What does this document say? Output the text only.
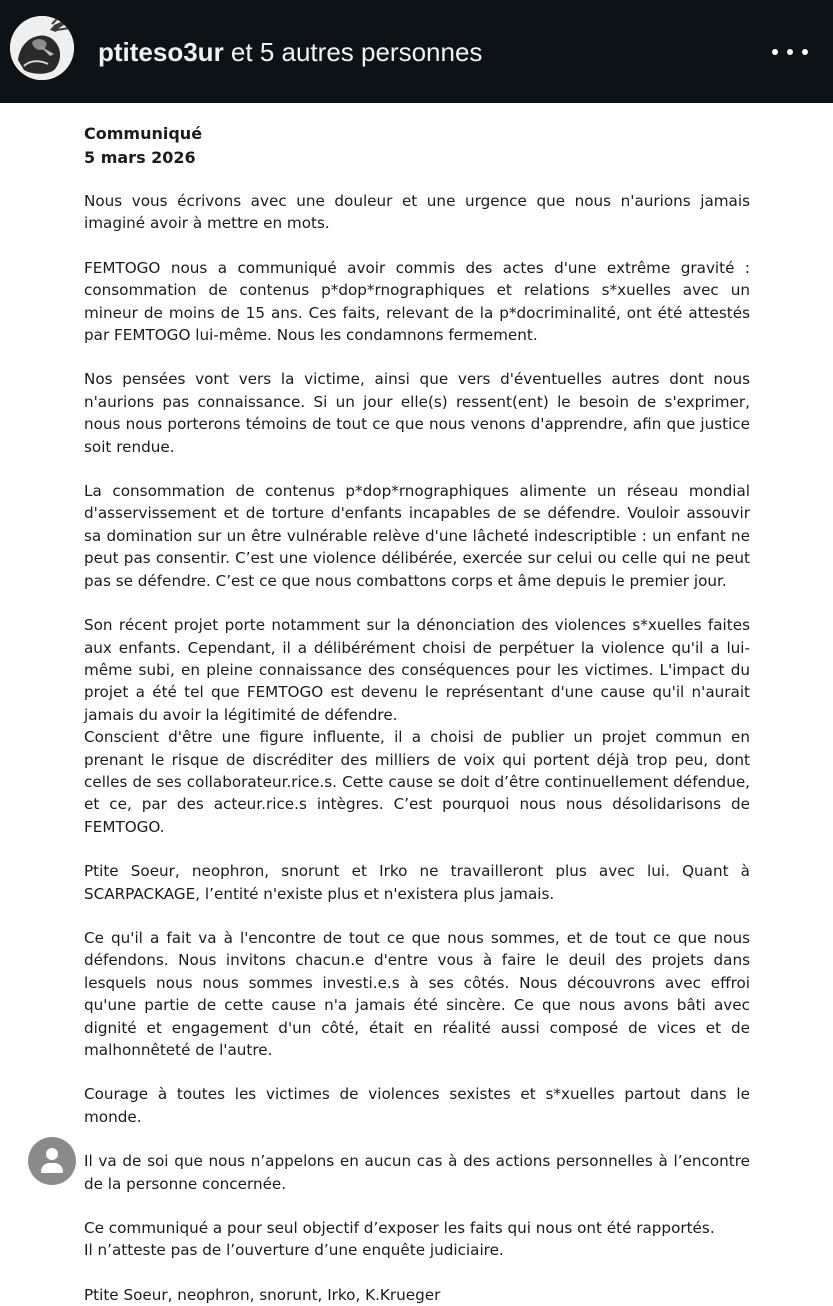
ptiteso3ur et 5 autres personnes
Communiqué
5 mars 2026

Nous vous écrivons avec une douleur et une urgence que nous n'aurions jamais imaginé avoir à mettre en mots.

FEMTOGO nous a communiqué avoir commis des actes d'une extrême gravité : consommation de contenus p*dop*rnographiques et relations s*xuelles avec un mineur de moins de 15 ans. Ces faits, relevant de la p*docriminalité, ont été attestés par FEMTOGO lui-même. Nous les condamnons fermement.

Nos pensées vont vers la victime, ainsi que vers d'éventuelles autres dont nous n'aurions pas connaissance. Si un jour elle(s) ressent(ent) le besoin de s'exprimer, nous nous porterons témoins de tout ce que nous venons d'apprendre, afin que justice soit rendue.

La consommation de contenus p*dop*rnographiques alimente un réseau mondial d'asservissement et de torture d'enfants incapables de se défendre. Vouloir assouvir sa domination sur un être vulnérable relève d'une lâcheté indescriptible : un enfant ne peut pas consentir. C’est une violence délibérée, exercée sur celui ou celle qui ne peut pas se défendre. C’est ce que nous combattons corps et âme depuis le premier jour.

Son récent projet porte notamment sur la dénonciation des violences s*xuelles faites aux enfants. Cependant, il a délibérément choisi de perpétuer la violence qu'il a lui-même subi, en pleine connaissance des conséquences pour les victimes. L'impact du projet a été tel que FEMTOGO est devenu le représentant d'une cause qu'il n'aurait jamais du avoir la légitimité de défendre.

Conscient d'être une figure influente, il a choisi de publier un projet commun en prenant le risque de discréditer des milliers de voix qui portent déjà trop peu, dont celles de ses collaborateur.rice.s. Cette cause se doit d’être continuellement défendue, et ce, par des acteur.rice.s intègres. C’est pourquoi nous nous désolidarisons de FEMTOGO.

Ptite Soeur, neophron, snorunt et Irko ne travailleront plus avec lui. Quant à SCARPACKAGE, l’entité n'existe plus et n'existera plus jamais.

Ce qu'il a fait va à l'encontre de tout ce que nous sommes, et de tout ce que nous défendons. Nous invitons chacun.e d'entre vous à faire le deuil des projets dans lesquels nous nous sommes investi.e.s à ses côtés. Nous découvrons avec effroi qu'une partie de cette cause n'a jamais été sincère. Ce que nous avons bâti avec dignité et engagement d'un côté, était en réalité aussi composé de vices et de malhonnêteté de l'autre.

Courage à toutes les victimes de violences sexistes et s*xuelles partout dans le monde.

Il va de soi que nous n’appelons en aucun cas à des actions personnelles à l’encontre de la personne concernée.

Ce communiqué a pour seul objectif d’exposer les faits qui nous ont été rapportés.

Il n’atteste pas de l’ouverture d’une enquête judiciaire.

Ptite Soeur, neophron, snorunt, Irko, K.Krueger
